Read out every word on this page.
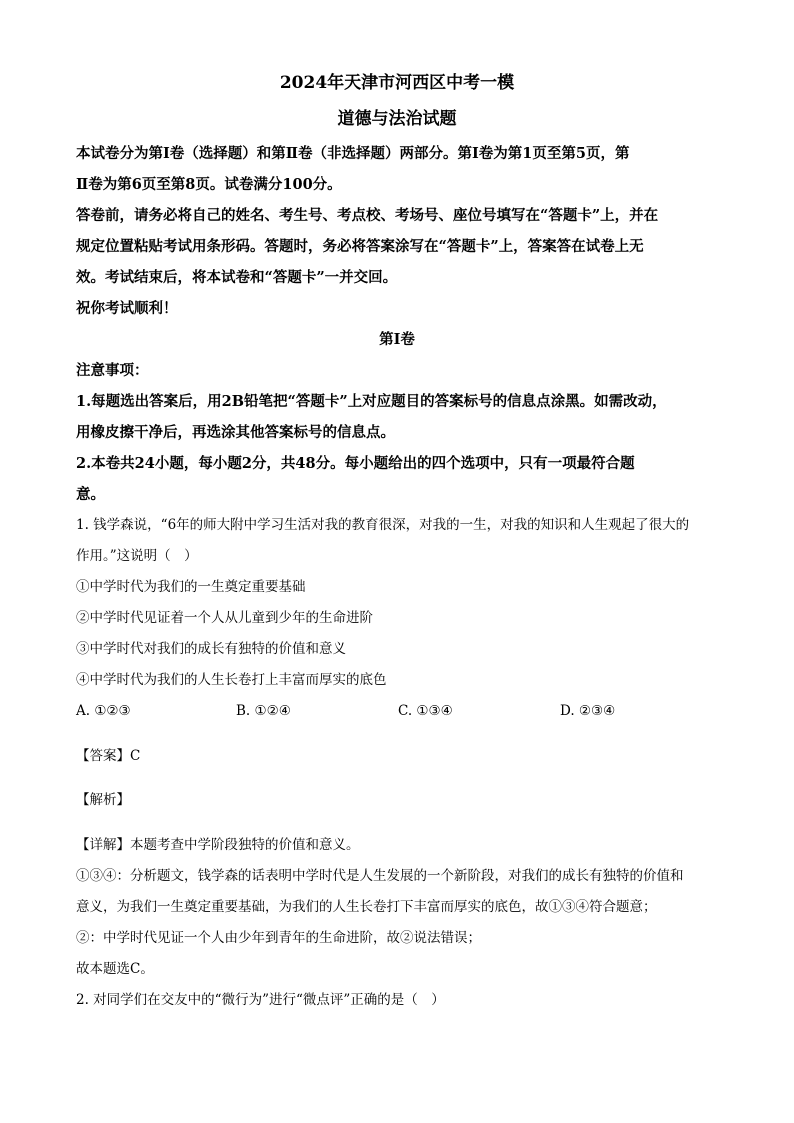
2024年天津市河西区中考一模
道德与法治试题

本试卷分为第Ⅰ卷（选择题）和第Ⅱ卷（非选择题）两部分。第Ⅰ卷为第1页至第5页，第

Ⅱ卷为第6页至第8页。试卷满分100分。

答卷前，请务必将自己的姓名、考生号、考点校、考场号、座位号填写在“答题卡”上，并在

规定位置粘贴考试用条形码。答题时，务必将答案涂写在“答题卡”上，答案答在试卷上无

效。考试结束后，将本试卷和“答题卡”一并交回。

祝你考试顺利！

第Ⅰ卷

注意事项：

1.每题选出答案后，用2B铅笔把“答题卡”上对应题目的答案标号的信息点涂黑。如需改动，

用橡皮擦干净后，再选涂其他答案标号的信息点。

2.本卷共24小题，每小题2分，共48分。每小题给出的四个选项中，只有一项最符合题

意。

1. 钱学森说，“6年的师大附中学习生活对我的教育很深，对我的一生，对我的知识和人生观起了很大的

作用。”这说明（　）

①中学时代为我们的一生奠定重要基础

②中学时代见证着一个人从儿童到少年的生命进阶

③中学时代对我们的成长有独特的价值和意义

④中学时代为我们的人生长卷打上丰富而厚实的底色

A. ①②③	B. ①②④	C. ①③④	D. ②③④

【答案】C

【解析】

【详解】本题考查中学阶段独特的价值和意义。

①③④：分析题文，钱学森的话表明中学时代是人生发展的一个新阶段，对我们的成长有独特的价值和

意义，为我们一生奠定重要基础，为我们的人生长卷打下丰富而厚实的底色，故①③④符合题意；

②：中学时代见证一个人由少年到青年的生命进阶，故②说法错误；

故本题选C。

2. 对同学们在交友中的“微行为”进行“微点评”正确的是（　）
